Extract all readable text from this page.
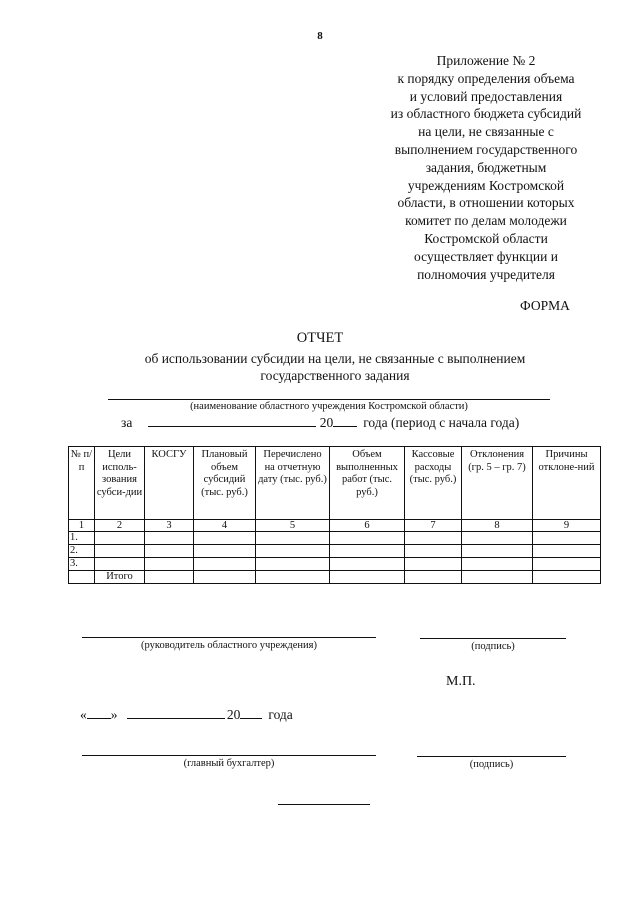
8
Приложение № 2
к порядку определения объема
и условий предоставления
из областного бюджета субсидий
на цели, не связанные с
выполнением государственного
задания, бюджетным
учреждениям Костромской
области, в отношении которых
комитет по делам молодежи
Костромской области
осуществляет функции и
полномочия учредителя
ФОРМА
ОТЧЕТ
об использовании субсидии на цели, не связанные с выполнением
государственного задания
(наименование областного учреждения Костромской области)
за	20 года (период с начала года)
№ п/п	Цели исполь-зования субси-дии	КОСГУ	Плановый объем субсидий (тыс. руб.)	Перечислено на отчетную дату (тыс. руб.)	Объем выполненных работ (тыс. руб.)	Кассовые расходы (тыс. руб.)	Отклонения (гр. 5 – гр. 7)	Причины отклоне-ний
1	2	3	4	5	6	7	8	9
1.								
2.								
3.								
	Итого							
(руководитель областного учреждения)	(подпись)
М.П.
« »	20 года
(главный бухгалтер)	(подпись)
